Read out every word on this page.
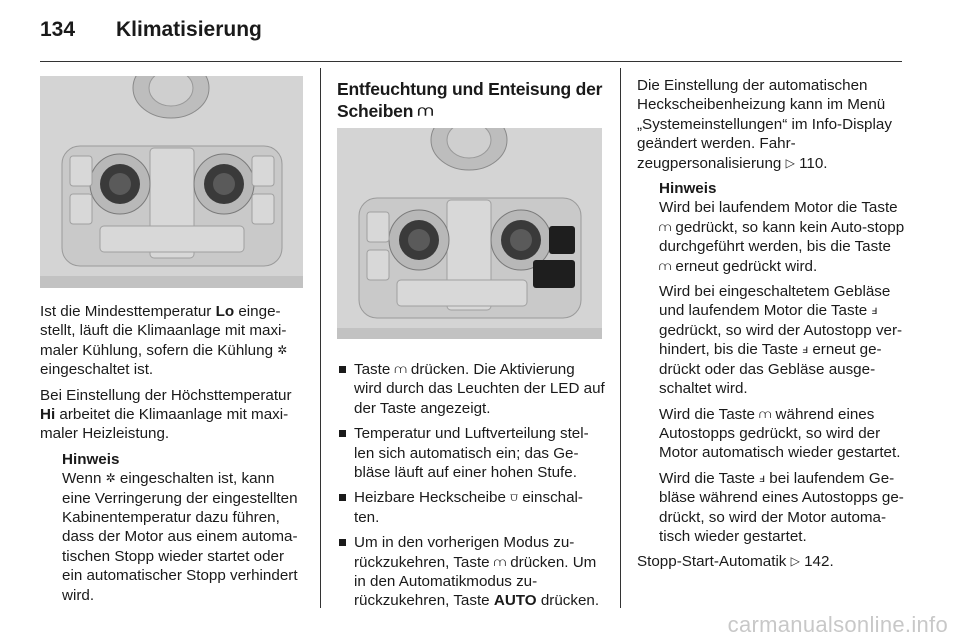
134 Klimatisierung

Ist die Mindesttemperatur Lo einge-stellt, läuft die Klimaanlage mit maxi-maler Kühlung, sofern die Kühlung ✲ eingeschaltet ist.

Bei Einstellung der Höchsttemperatur Hi arbeitet die Klimaanlage mit maxi-maler Heizleistung.

Hinweis
Wenn ✲ eingeschalten ist, kann eine Verringerung der eingestellten Kabinentemperatur dazu führen, dass der Motor aus einem automa-tischen Stopp wieder startet oder ein automatischer Stopp verhindert wird.
Entfeuchtung und Enteisung der Scheiben ⩋
Taste ⩋ drücken. Die Aktivierung wird durch das Leuchten der LED auf der Taste angezeigt.
Temperatur und Luftverteilung stel-len sich automatisch ein; das Ge-bläse läuft auf einer hohen Stufe.
Heizbare Heckscheibe ⩌ einschal-ten.
Um in den vorherigen Modus zu-rückzukehren, Taste ⩋ drücken. Um in den Automatikmodus zu-rückzukehren, Taste AUTO drücken.

Die Einstellung der automatischen Heckscheibenheizung kann im Menü „Systemeinstellungen“ im Info-Display geändert werden. Fahr-zeugpersonalisierung ▷ 110.

Hinweis

Wird bei laufendem Motor die Taste ⩋ gedrückt, so kann kein Auto-stopp durchgeführt werden, bis die Taste ⩋ erneut gedrückt wird.

Wird bei eingeschaltetem Gebläse und laufendem Motor die Taste ⅎ gedrückt, so wird der Autostopp ver-hindert, bis die Taste ⅎ erneut ge-drückt oder das Gebläse ausge-schaltet wird.

Wird die Taste ⩋ während eines Autostopps gedrückt, so wird der Motor automatisch wieder gestartet.

Wird die Taste ⅎ bei laufendem Ge-bläse während eines Autostopps ge-drückt, so wird der Motor automa-tisch wieder gestartet.

Stopp-Start-Automatik ▷ 142.

carmanualsonline.info
